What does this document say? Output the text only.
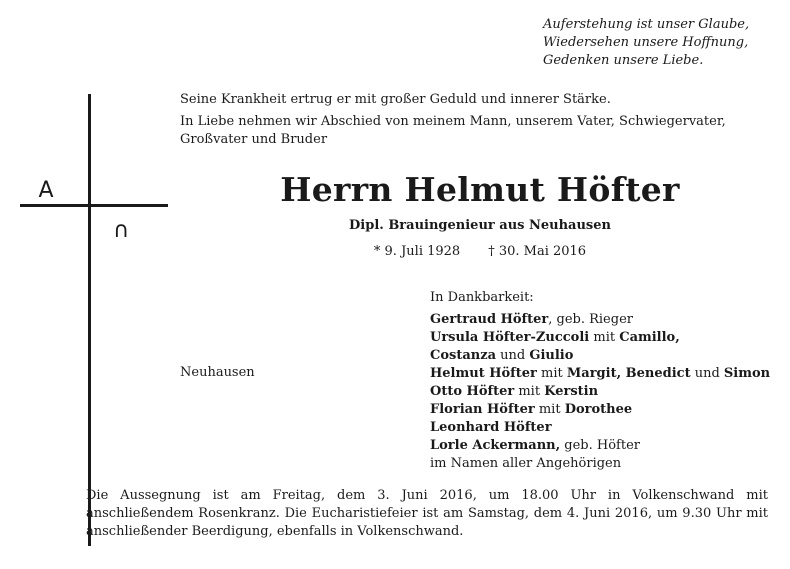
Auferstehung ist unser Glaube,
Wiedersehen unsere Hoffnung,
Gedenken unsere Liebe.
A
∩

Seine Krankheit ertrug er mit großer Geduld und innerer Stärke.

In Liebe nehmen wir Abschied von meinem Mann, unserem Vater, Schwiegervater, Großvater und Bruder

Herrn Helmut Höfter
Dipl. Brauingenieur aus Neuhausen
* 9. Juli 1928 † 30. Mai 2016
Neuhausen
In Dankbarkeit:
Gertraud Höfter, geb. Rieger
Ursula Höfter-Zuccoli mit Camillo,
Costanza und Giulio
Helmut Höfter mit Margit, Benedict und Simon
Otto Höfter mit Kerstin
Florian Höfter mit Dorothee
Leonhard Höfter
Lorle Ackermann, geb. Höfter
im Namen aller Angehörigen
Die Aussegnung ist am Freitag, dem 3. Juni 2016, um 18.00 Uhr in Volkenschwand mit anschließendem Rosenkranz. Die Eucharistiefeier ist am Samstag, dem 4. Juni 2016, um 9.30 Uhr mit anschließender Beerdigung, ebenfalls in Volkenschwand.
